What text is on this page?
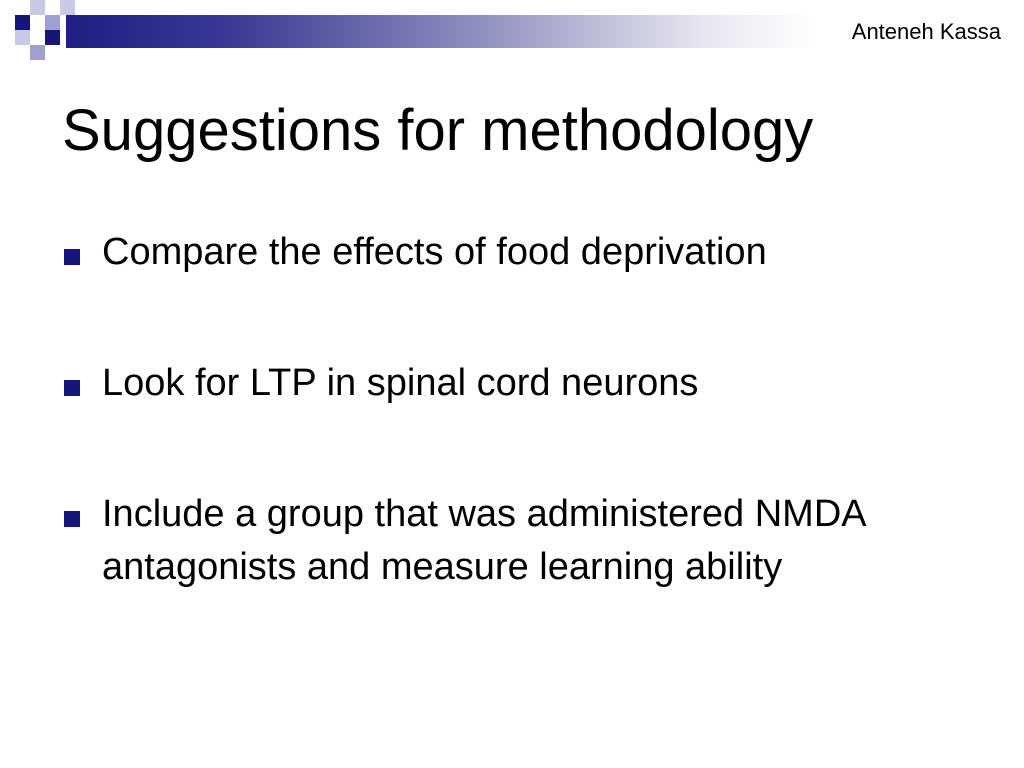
Anteneh Kassa
Suggestions for methodology
Compare the effects of food deprivation
Look for LTP in spinal cord neurons
Include a group that was administered NMDA antagonists and measure learning ability
